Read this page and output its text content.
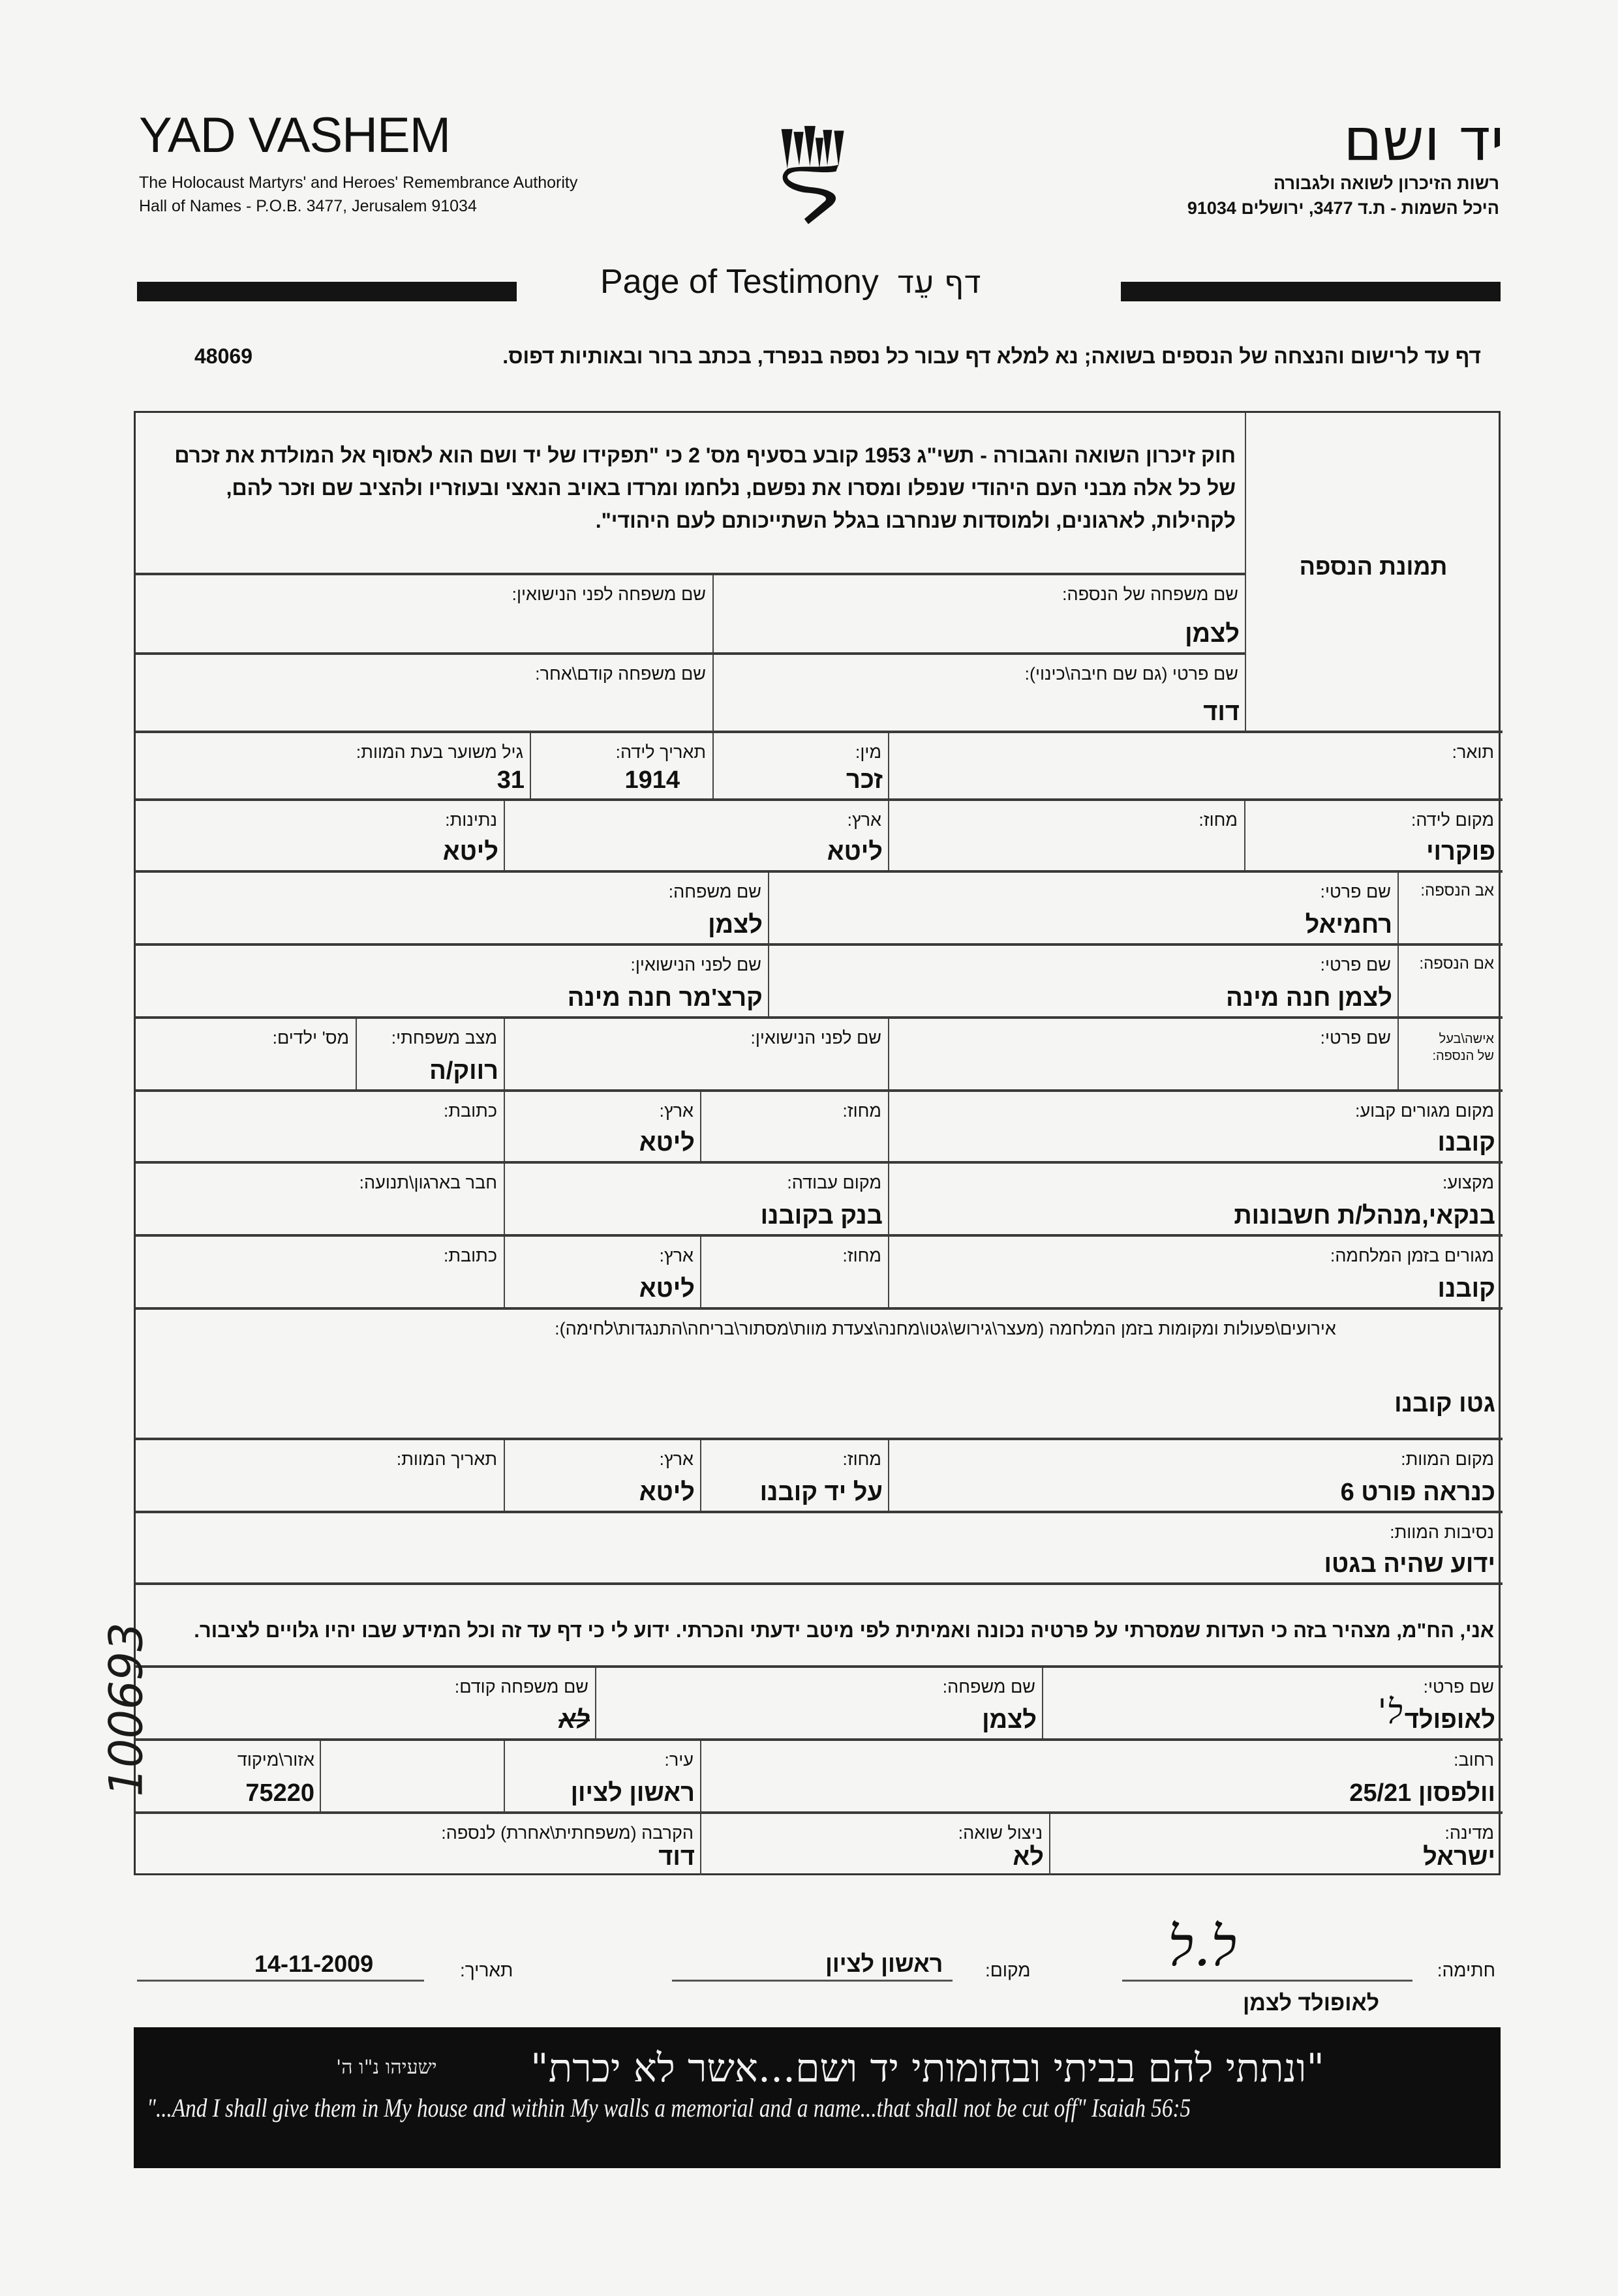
YAD VASHEM
The Holocaust Martyrs' and Heroes' Remembrance Authority
Hall of Names - P.O.B. 3477, Jerusalem 91034
יד ושם
רשות הזיכרון לשואה ולגבורה
היכל השמות - ת.ד 3477, ירושלים 91034
Page of Testimony דף עֵד
דף עד לרישום והנצחה של הנספים בשואה; נא למלא דף עבור כל נספה בנפרד, בכתב ברור ובאותיות דפוס.
48069
חוק זיכרון השואה והגבורה - תשי"ג 1953 קובע בסעיף מס' 2 כי "תפקידו של יד ושם הוא לאסוף אל המולדת את זכרם של כל אלה מבני העם היהודי שנפלו ומסרו את נפשם, נלחמו ומרדו באויב הנאצי ובעוזריו ולהציב שם וזכר להם, לקהילות, לארגונים, ולמוסדות שנחרבו בגלל השתייכותם לעם היהודי".
תמונת הנספה
שם משפחה של הנספה:
לצמן
שם משפחה לפני הנישואין:
שם פרטי (גם שם חיבה\כינוי):
דוד
שם משפחה קודם\אחר:
תואר:
מין:
זכר
תאריך לידה:
1914
גיל משוער בעת המוות:
31
מקום לידה:
פוקרוי
מחוז:
ארץ:
ליטא
נתינות:
ליטא
אב הנספה:
שם פרטי:
רחמיאל
שם משפחה:
לצמן
אם הנספה:
שם פרטי:
לצמן חנה מינה
שם לפני הנישואין:
קרצ'מר חנה מינה
אישה\בעל
של הנספה:
שם פרטי:
שם לפני הנישואין:
מצב משפחתי:
רווק/ה
מס' ילדים:
מקום מגורים קבוע:
קובנו
מחוז:
ארץ:
ליטא
כתובת:
מקצוע:
בנקאי,מנהל/ת חשבונות
מקום עבודה:
בנק בקובנו
חבר בארגון\תנועה:
מגורים בזמן המלחמה:
קובנו
מחוז:
ארץ:
ליטא
כתובת:
אירועים\פעולות ומקומות בזמן המלחמה (מעצר\גירוש\גטו\מחנה\צעדת מוות\מסתור\בריחה\התנגדות\לחימה):
גטו קובנו
מקום המוות:
כנראה פורט 6
מחוז:
על יד קובנו
ארץ:
ליטא
תאריך המוות:
נסיבות המוות:
ידוע שהיה בגטו
אני, הח"מ, מצהיר בזה כי העדות שמסרתי על פרטיה נכונה ואמיתית לפי מיטב ידעתי והכרתי. ידוע לי כי דף עד זה וכל המידע שבו יהיו גלויים לציבור.
שם פרטי:
לאופולד
ל'
שם משפחה:
לצמן
שם משפחה קודם:
לא
רחוב:
וולפסון 25/21
עיר:
ראשון לציון
אזור\מיקוד
75220
מדינה:
ישראל
ניצול שואה:
לא
הקרבה (משפחתית\אחרת) לנספה:
דוד
חתימה:
ל.ל
לאופולד לצמן
מקום:
ראשון לציון
תאריך:
14-11-2009
"ונתתי להם בביתי ובחומותי יד ושם...אשר לא יכרת"
ישעיהו נ"ו ה'
"...And I shall give them in My house and within My walls a memorial and a name...that shall not be cut off" Isaiah 56:5
100693
